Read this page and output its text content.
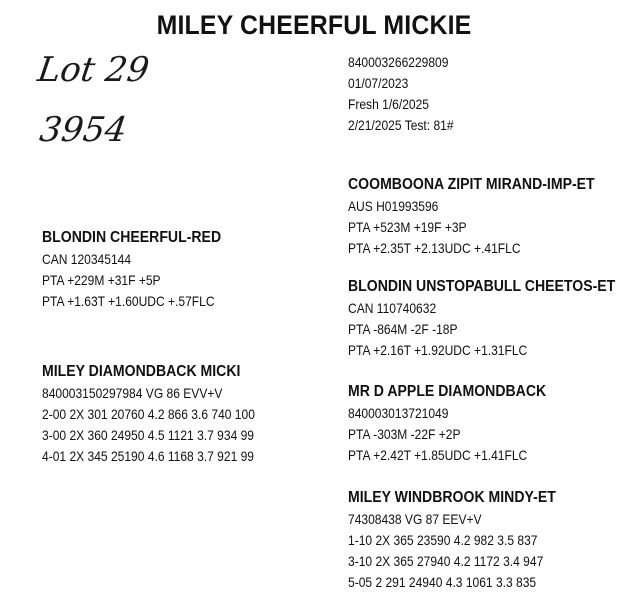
MILEY CHEERFUL MICKIE
Lot 29
3954
840003266229809
01/07/2023
Fresh 1/6/2025
2/21/2025 Test: 81#
BLONDIN CHEERFUL-RED
CAN 120345144
PTA +229M +31F +5P
PTA +1.63T +1.60UDC +.57FLC
MILEY DIAMONDBACK MICKI
840003150297984 VG 86 EVV+V
2-00 2X 301 20760 4.2 866 3.6 740 100
3-00 2X 360 24950 4.5 1121 3.7 934 99
4-01 2X 345 25190 4.6 1168 3.7 921 99
COOMBOONA ZIPIT MIRAND-IMP-ET
AUS H01993596
PTA +523M +19F +3P
PTA +2.35T +2.13UDC +.41FLC
BLONDIN UNSTOPABULL CHEETOS-ET
CAN 110740632
PTA -864M -2F -18P
PTA +2.16T +1.92UDC +1.31FLC
MR D APPLE DIAMONDBACK
840003013721049
PTA -303M -22F +2P
PTA +2.42T +1.85UDC +1.41FLC
MILEY WINDBROOK MINDY-ET
74308438 VG 87 EEV+V
1-10 2X 365 23590 4.2 982 3.5 837
3-10 2X 365 27940 4.2 1172 3.4 947
5-05 2 291 24940 4.3 1061 3.3 835
